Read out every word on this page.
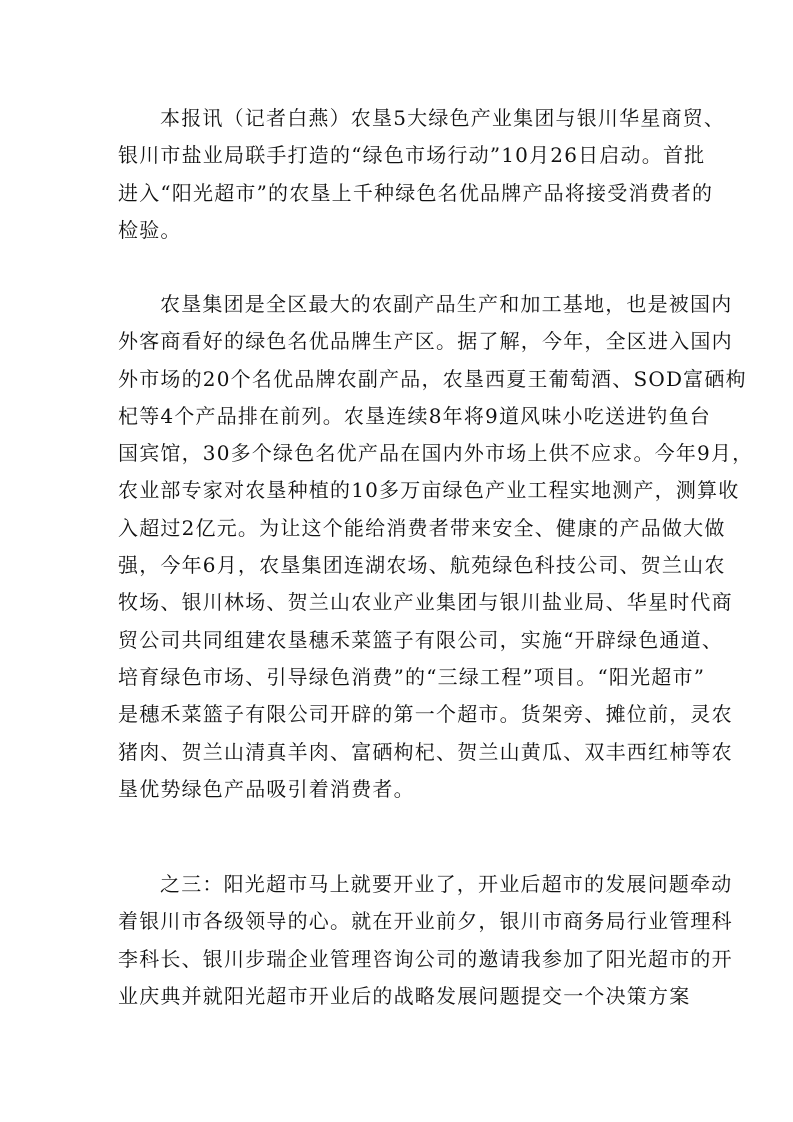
本报讯（记者白燕）农垦5大绿色产业集团与银川华星商贸、
银川市盐业局联手打造的“绿色市场行动”10月26日启动。首批
进入“阳光超市”的农垦上千种绿色名优品牌产品将接受消费者的
检验。
农垦集团是全区最大的农副产品生产和加工基地，也是被国内
外客商看好的绿色名优品牌生产区。据了解，今年，全区进入国内
外市场的20个名优品牌农副产品，农垦西夏王葡萄酒、SOD富硒枸
杞等4个产品排在前列。农垦连续8年将9道风味小吃送进钓鱼台
国宾馆，30多个绿色名优产品在国内外市场上供不应求。今年9月，
农业部专家对农垦种植的10多万亩绿色产业工程实地测产，测算收
入超过2亿元。为让这个能给消费者带来安全、健康的产品做大做
强，今年6月，农垦集团连湖农场、航苑绿色科技公司、贺兰山农
牧场、银川林场、贺兰山农业产业集团与银川盐业局、华星时代商
贸公司共同组建农垦穗禾菜篮子有限公司，实施“开辟绿色通道、
培育绿色市场、引导绿色消费”的“三绿工程”项目。“阳光超市”
是穗禾菜篮子有限公司开辟的第一个超市。货架旁、摊位前，灵农
猪肉、贺兰山清真羊肉、富硒枸杞、贺兰山黄瓜、双丰西红柿等农
垦优势绿色产品吸引着消费者。
之三：阳光超市马上就要开业了，开业后超市的发展问题牵动
着银川市各级领导的心。就在开业前夕，银川市商务局行业管理科
李科长、银川步瑞企业管理咨询公司的邀请我参加了阳光超市的开
业庆典并就阳光超市开业后的战略发展问题提交一个决策方案
